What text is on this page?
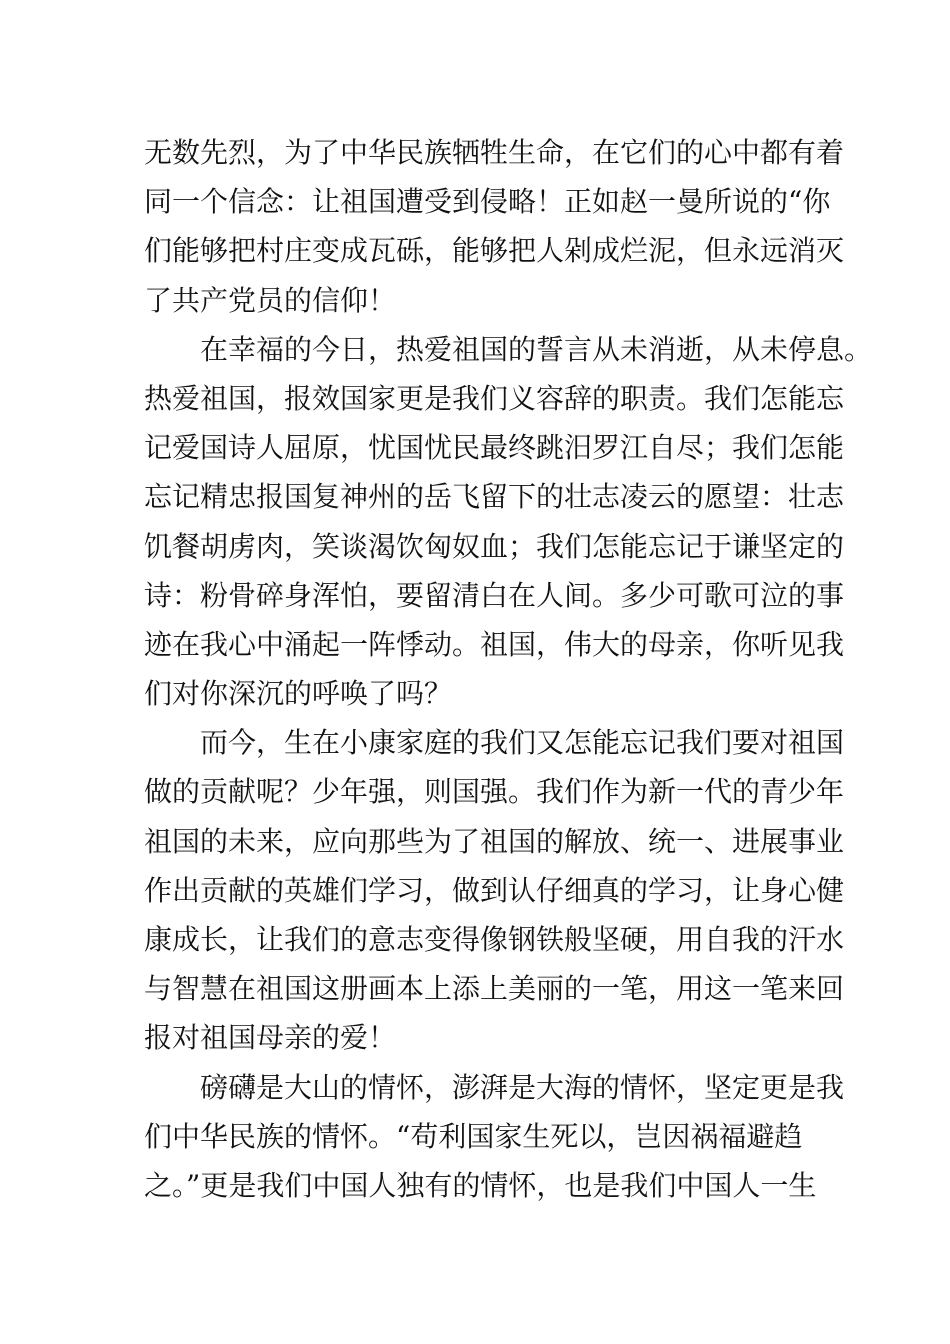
无数先烈，为了中华民族牺牲生命，在它们的心中都有着
同一个信念：让祖国遭受到侵略！正如赵一曼所说的“你
们能够把村庄变成瓦砾，能够把人剁成烂泥，但永远消灭
了共产党员的信仰！
在幸福的今日，热爱祖国的誓言从未消逝，从未停息。
热爱祖国，报效国家更是我们义容辞的职责。我们怎能忘
记爱国诗人屈原，忧国忧民最终跳汨罗江自尽；我们怎能
忘记精忠报国复神州的岳飞留下的壮志凌云的愿望：壮志
饥餐胡虏肉，笑谈渴饮匈奴血；我们怎能忘记于谦坚定的
诗：粉骨碎身浑怕，要留清白在人间。多少可歌可泣的事
迹在我心中涌起一阵悸动。祖国，伟大的母亲，你听见我
们对你深沉的呼唤了吗？
而今，生在小康家庭的我们又怎能忘记我们要对祖国
做的贡献呢？少年强，则国强。我们作为新一代的青少年
祖国的未来，应向那些为了祖国的解放、统一、进展事业
作出贡献的英雄们学习，做到认仔细真的学习，让身心健
康成长，让我们的意志变得像钢铁般坚硬，用自我的汗水
与智慧在祖国这册画本上添上美丽的一笔，用这一笔来回
报对祖国母亲的爱！
磅礴是大山的情怀，澎湃是大海的情怀，坚定更是我
们中华民族的情怀。“苟利国家生死以，岂因祸福避趋
之。”更是我们中国人独有的情怀，也是我们中国人一生
